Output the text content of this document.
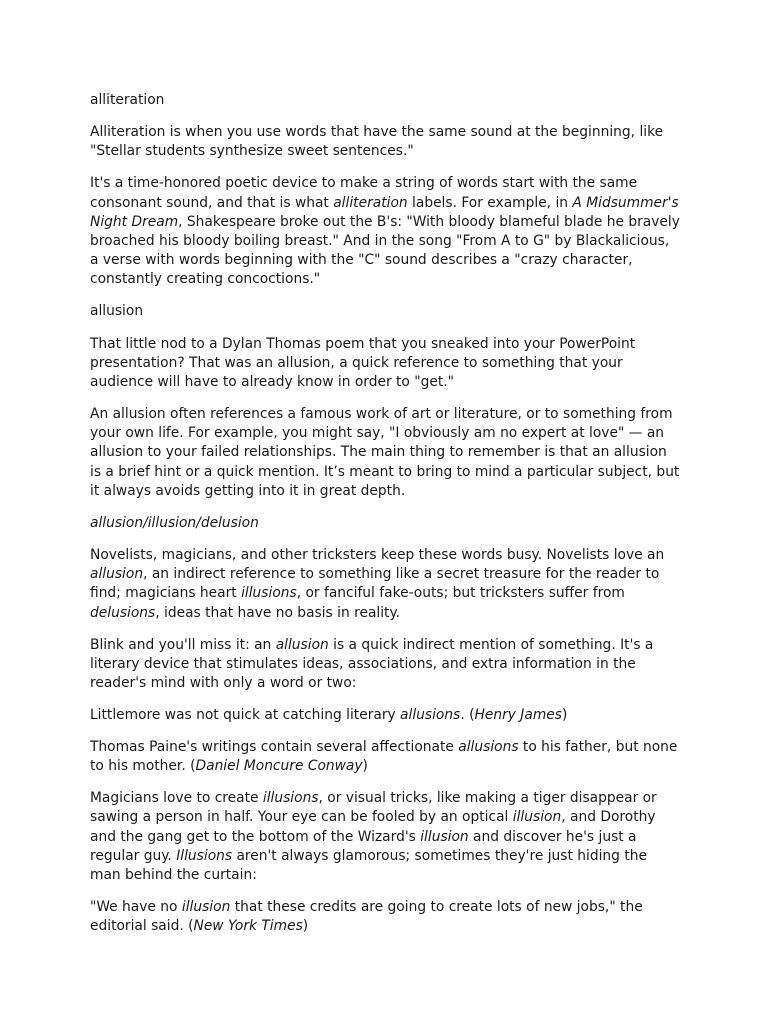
alliteration

Alliteration is when you use words that have the same sound at the beginning, like "Stellar students synthesize sweet sentences."

It's a time-honored poetic device to make a string of words start with the same consonant sound, and that is what alliteration labels. For example, in A Midsummer's Night Dream, Shakespeare broke out the B's: "With bloody blameful blade he bravely broached his bloody boiling breast." And in the song "From A to G" by Blackalicious, a verse with words beginning with the "C" sound describes a "crazy character, constantly creating concoctions."

allusion

That little nod to a Dylan Thomas poem that you sneaked into your PowerPoint presentation? That was an allusion, a quick reference to something that your audience will have to already know in order to "get."

An allusion often references a famous work of art or literature, or to something from your own life. For example, you might say, "I obviously am no expert at love" — an allusion to your failed relationships. The main thing to remember is that an allusion is a brief hint or a quick mention. It’s meant to bring to mind a particular subject, but it always avoids getting into it in great depth.

allusion/illusion/delusion

Novelists, magicians, and other tricksters keep these words busy. Novelists love an allusion, an indirect reference to something like a secret treasure for the reader to find; magicians heart illusions, or fanciful fake-outs; but tricksters suffer from delusions, ideas that have no basis in reality.

Blink and you'll miss it: an allusion is a quick indirect mention of something. It's a literary device that stimulates ideas, associations, and extra information in the reader's mind with only a word or two:

Littlemore was not quick at catching literary allusions. (Henry James)

Thomas Paine's writings contain several affectionate allusions to his father, but none to his mother. (Daniel Moncure Conway)

Magicians love to create illusions, or visual tricks, like making a tiger disappear or sawing a person in half. Your eye can be fooled by an optical illusion, and Dorothy and the gang get to the bottom of the Wizard's illusion and discover he's just a regular guy. Illusions aren't always glamorous; sometimes they're just hiding the man behind the curtain:

"We have no illusion that these credits are going to create lots of new jobs," the editorial said. (New York Times)
